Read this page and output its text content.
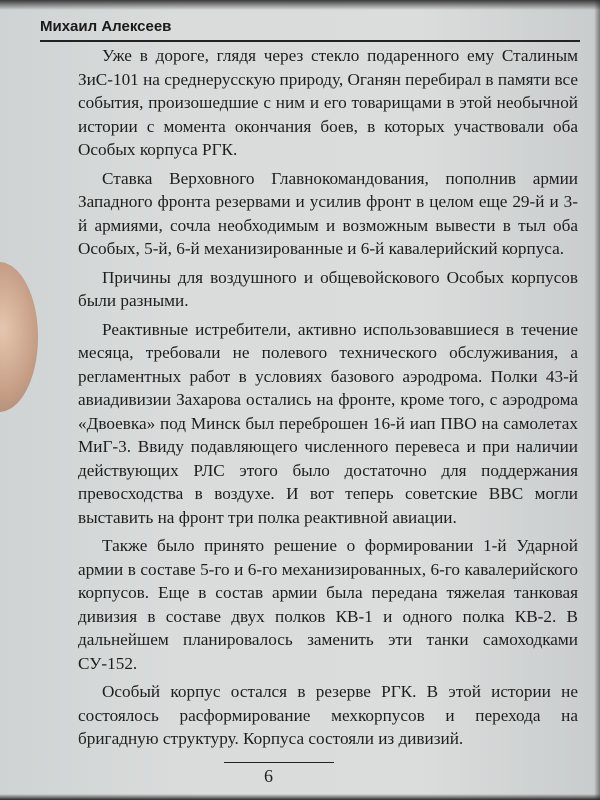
Михаил Алексеев

Уже в дороге, глядя через стекло подаренного ему Сталиным ЗиС-101 на среднерусскую природу, Оганян перебирал в памяти все события, произошедшие с ним и его товарищами в этой необычной истории с момента окончания боев, в которых участвовали оба Особых корпуса РГК.

Ставка Верховного Главнокомандования, пополнив армии Западного фронта резервами и усилив фронт в целом еще 29-й и 3-й армиями, сочла необходимым и возможным вывести в тыл оба Особых, 5-й, 6-й механизированные и 6-й кавалерийский корпуса.

Причины для воздушного и общевойскового Особых корпусов были разными.

Реактивные истребители, активно использовавшиеся в течение месяца, требовали не полевого технического обслуживания, а регламентных работ в условиях базового аэродрома. Полки 43-й авиадивизии Захарова остались на фронте, кроме того, с аэродрома «Двоевка» под Минск был переброшен 16-й иап ПВО на самолетах МиГ-3. Ввиду подавляющего численного перевеса и при наличии действующих РЛС этого было достаточно для поддержания превосходства в воздухе. И вот теперь советские ВВС могли выставить на фронт три полка реактивной авиации.

Также было принято решение о формировании 1-й Ударной армии в составе 5-го и 6-го механизированных, 6-го кавалерийского корпусов. Еще в состав армии была передана тяжелая танковая дивизия в составе двух полков КВ-1 и одного полка КВ-2. В дальнейшем планировалось заменить эти танки самоходками СУ-152.

Особый корпус остался в резерве РГК. В этой истории не состоялось расформирование мехкорпусов и перехода на бригадную структуру. Корпуса состояли из дивизий.

6
